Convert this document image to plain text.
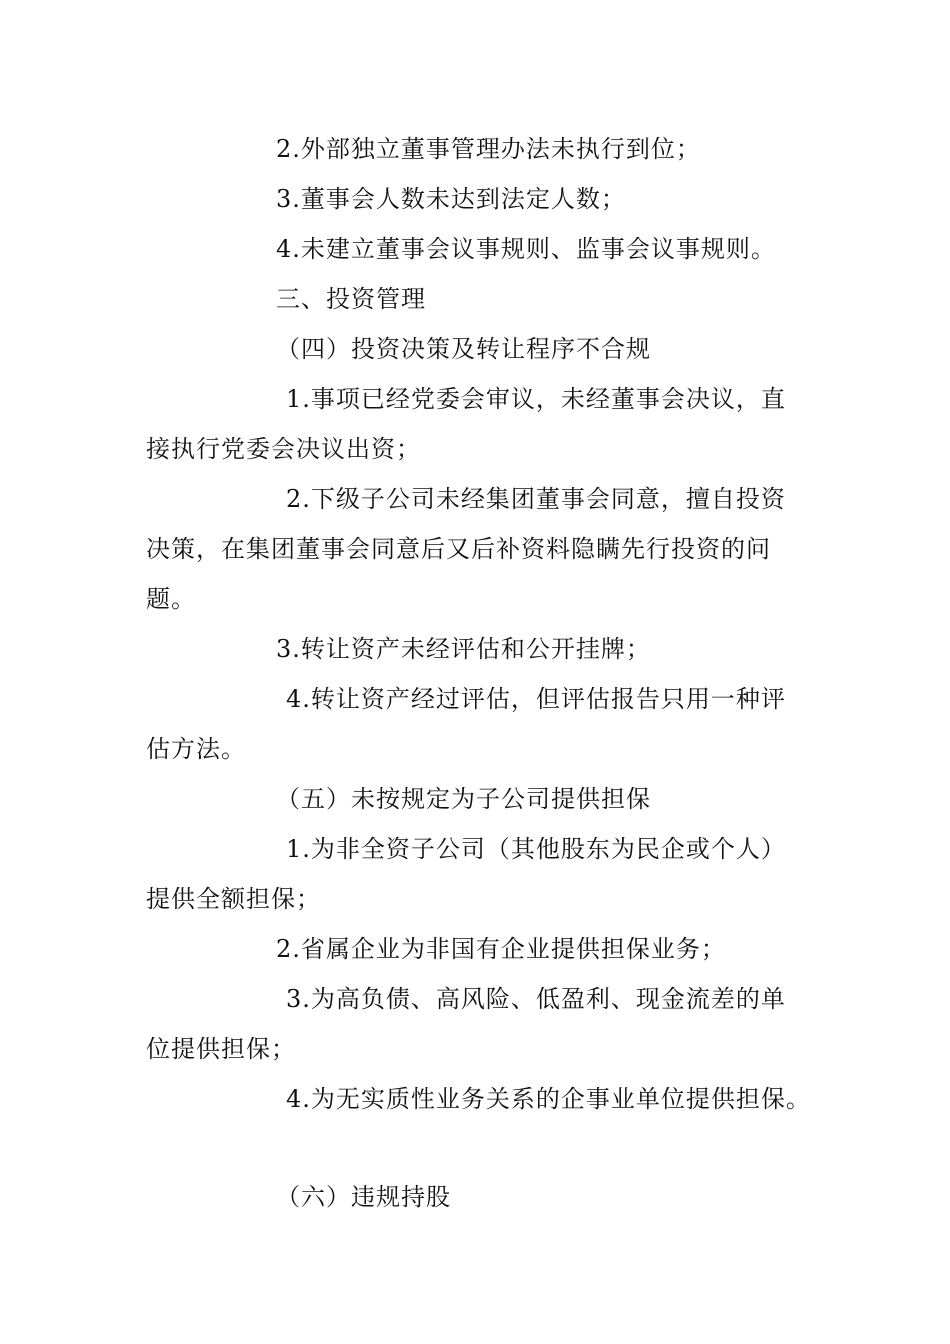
2.外部独立董事管理办法未执行到位；
3.董事会人数未达到法定人数；
4.未建立董事会议事规则、监事会议事规则。
三、投资管理
（四）投资决策及转让程序不合规
1.事项已经党委会审议，未经董事会决议，直
接执行党委会决议出资；
2.下级子公司未经集团董事会同意，擅自投资
决策，在集团董事会同意后又后补资料隐瞒先行投资的问
题。
3.转让资产未经评估和公开挂牌；
4.转让资产经过评估，但评估报告只用一种评
估方法。
（五）未按规定为子公司提供担保
1.为非全资子公司（其他股东为民企或个人）
提供全额担保；
2.省属企业为非国有企业提供担保业务；
3.为高负债、高风险、低盈利、现金流差的单
位提供担保；
4.为无实质性业务关系的企事业单位提供担保。
（六）违规持股
